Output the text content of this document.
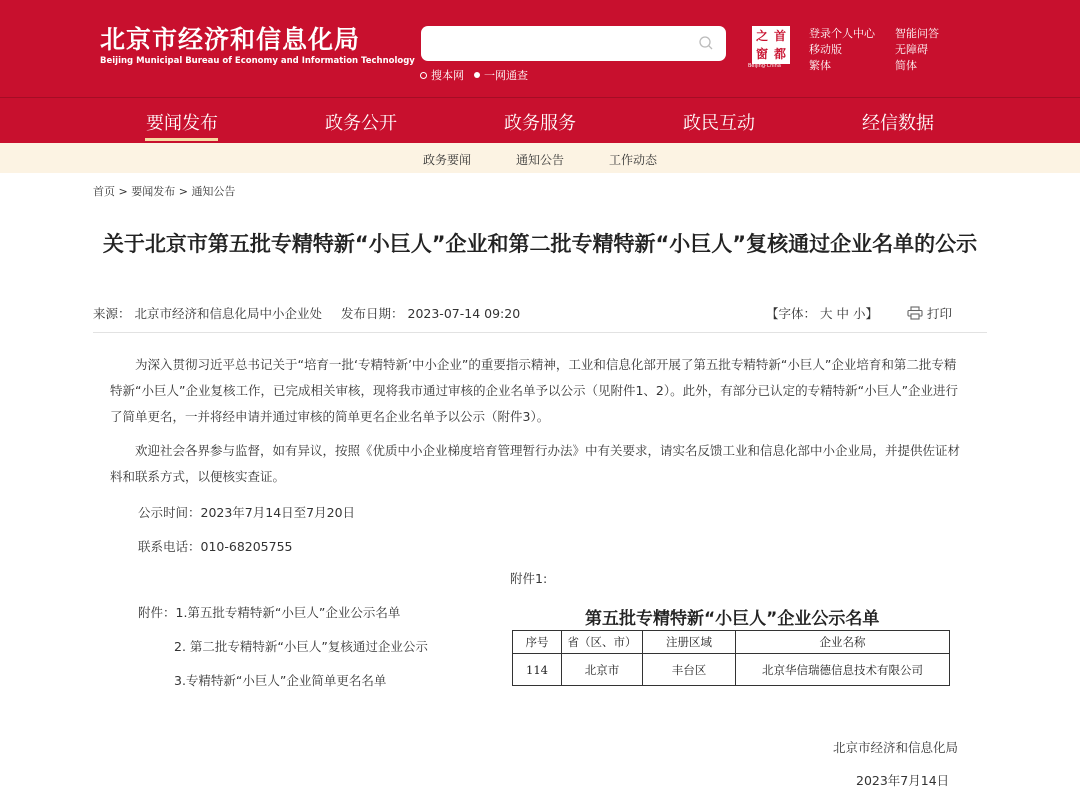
北京市经济和信息化局
Beijing Municipal Bureau of Economy and Information Technology
搜本网 一网通查
之 首
窗 都
Beijing·China
登录个人中心
移动版
繁体
智能问答
无障碍
简体
要闻发布	政务公开	政务服务	政民互动	经信数据
政务要闻	通知公告	工作动态
首页 > 要闻发布 > 通知公告
关于北京市第五批专精特新“小巨人”企业和第二批专精特新“小巨人”复核通过企业名单的公示
来源： 北京市经济和信息化局中小企业处 发布日期： 2023-07-14 09:20	【字体： 大 中 小】	打印
为深入贯彻习近平总书记关于“培育一批‘专精特新’中小企业”的重要指示精神，工业和信息化部开展了第五批专精特新“小巨人”企业培育和第二批专精特新“小巨人”企业复核工作，已完成相关审核，现将我市通过审核的企业名单予以公示（见附件1、2）。此外，有部分已认定的专精特新“小巨人”企业进行了简单更名，一并将经申请并通过审核的简单更名企业名单予以公示（附件3）。
欢迎社会各界参与监督，如有异议，按照《优质中小企业梯度培育管理暂行办法》中有关要求，请实名反馈工业和信息化部中小企业局，并提供佐证材料和联系方式，以便核实查证。
公示时间：2023年7月14日至7月20日
联系电话：010-68205755
附件1:
附件：1.第五批专精特新“小巨人”企业公示名单
2. 第二批专精特新“小巨人”复核通过企业公示
3.专精特新“小巨人”企业简单更名名单
第五批专精特新“小巨人”企业公示名单
序号	省（区、市）	注册区域	企业名称
114	北京市	丰台区	北京华信瑞德信息技术有限公司
北京市经济和信息化局
2023年7月14日
